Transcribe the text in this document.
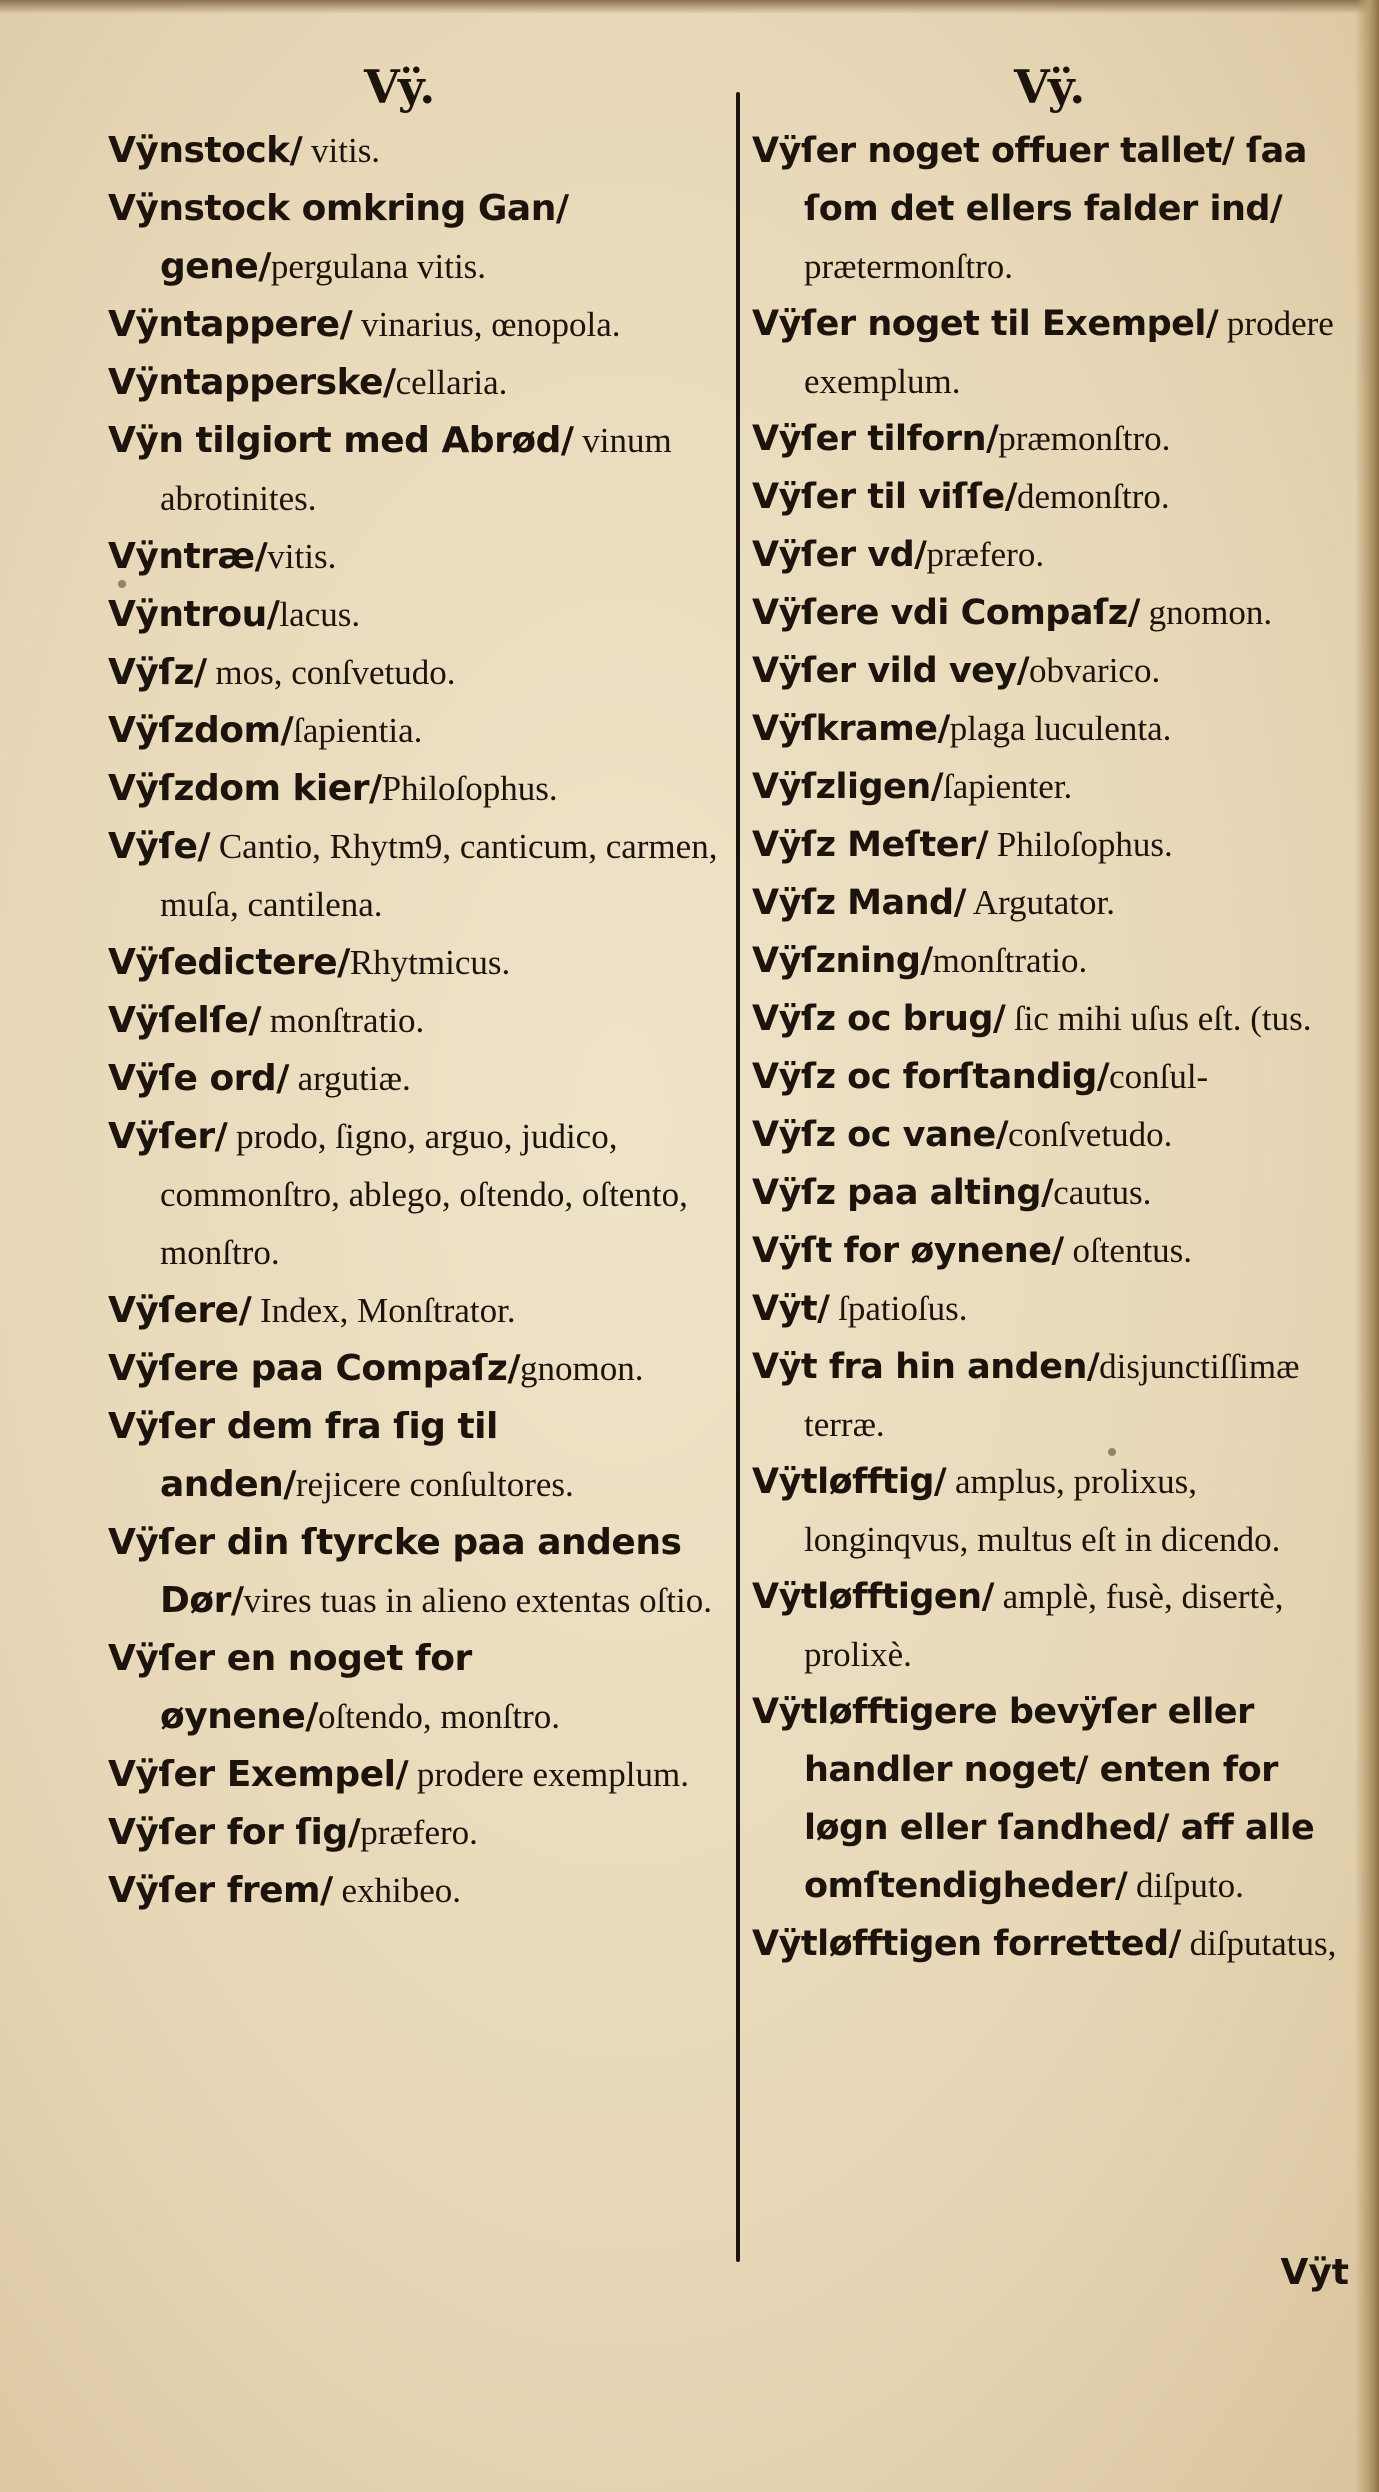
Vÿ.

Vÿnstock/ vitis.

Vÿnstock omkring Gan/ gene/pergulana vitis.

Vÿntappere/ vinarius, œnopola.

Vÿntapperske/cellaria.

Vÿn tilgiort med Abrød/ vinum abrotinites.

Vÿntræ/vitis.

Vÿntrou/lacus.

Vÿſz/ mos, conſvetudo.

Vÿſzdom/ſapientia.

Vÿſzdom kier/Philoſophus.

Vÿſe/ Cantio, Rhytm9, canticum, carmen, muſa, cantilena.

Vÿſedictere/Rhytmicus.

Vÿſelſe/ monſtratio.

Vÿſe ord/ argutiæ.

Vÿſer/ prodo, ſigno, arguo, judico, commonſtro, ablego, oſtendo, oſtento, monſtro.

Vÿſere/ Index, Monſtrator.

Vÿſere paa Compaſz/gnomon.

Vÿſer dem fra ſig til anden/rejicere conſultores.

Vÿſer din ſtyrcke paa andens Dør/vires tuas in alieno extentas oſtio.

Vÿſer en noget for øynene/oſtendo, monſtro.

Vÿſer Exempel/ prodere exemplum.

Vÿſer for ſig/præfero.

Vÿſer frem/ exhibeo.

Vÿ.

Vÿſer noget offuer tallet/ ſaa ſom det ellers falder ind/ prætermonſtro.

Vÿſer noget til Exempel/ prodere exemplum.

Vÿſer tilforn/præmonſtro.

Vÿſer til viſſe/demonſtro.

Vÿſer vd/præfero.

Vÿſere vdi Compaſz/ gnomon.

Vÿſer vild vey/obvarico.

Vÿſkrame/plaga luculenta.

Vÿſzligen/ſapienter.

Vÿſz Meſter/ Philoſophus.

Vÿſz Mand/ Argutator.

Vÿſzning/monſtratio.

Vÿſz oc brug/ ſic mihi uſus eſt. (tus.

Vÿſz oc forſtandig/conſul-

Vÿſz oc vane/conſvetudo.

Vÿſz paa alting/cautus.

Vÿſt for øynene/ oſtentus.

Vÿt/ ſpatioſus.

Vÿt fra hin anden/disjunctiſſimæ terræ.

Vÿtløfftig/ amplus, prolixus, longinqvus, multus eſt in dicendo.

Vÿtløfftigen/ amplè, fusè, disertè, prolixè.

Vÿtløfftigere bevÿſer eller handler noget/ enten for løgn eller ſandhed/ aff alle omſtendigheder/ diſputo.

Vÿtløfftigen forretted/ diſputatus,

Vÿt
